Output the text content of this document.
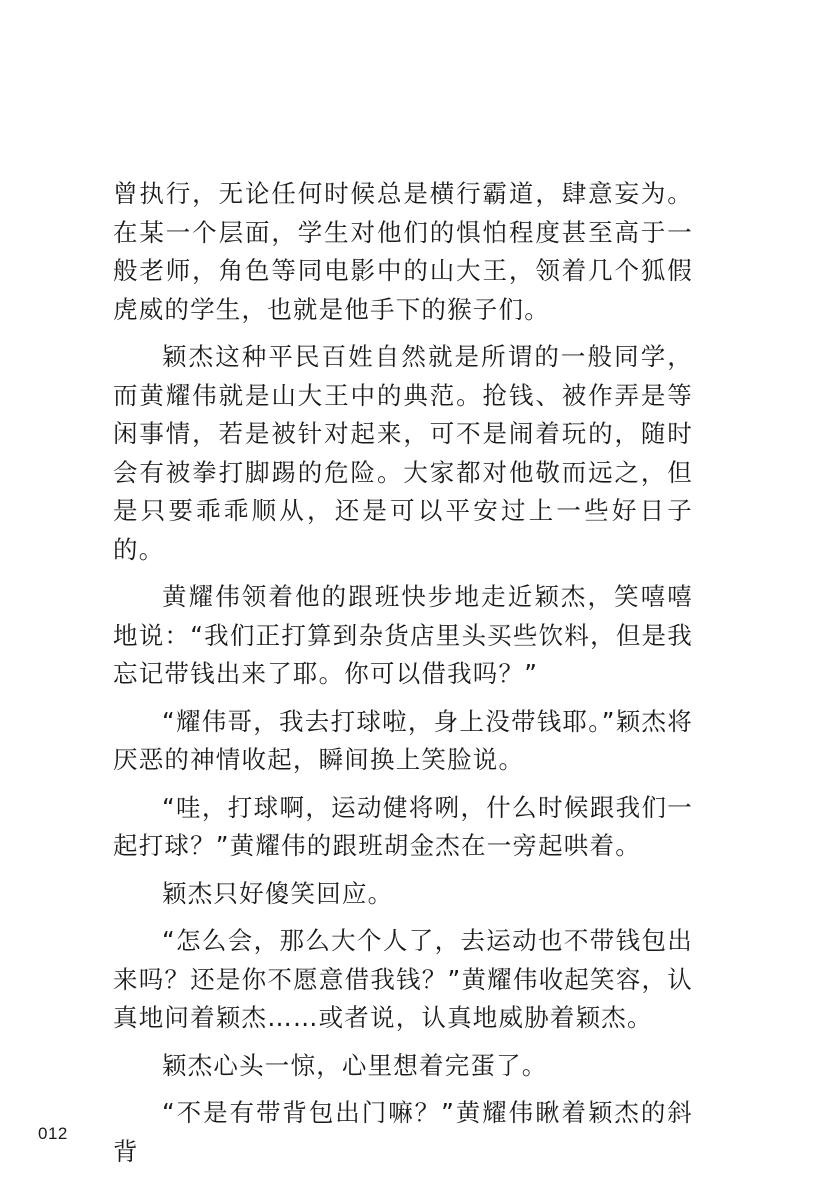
曾执行，无论任何时候总是横行霸道，肆意妄为。在某一个层面，学生对他们的惧怕程度甚至高于一般老师，角色等同电影中的山大王，领着几个狐假虎威的学生，也就是他手下的猴子们。

颖杰这种平民百姓自然就是所谓的一般同学，而黄耀伟就是山大王中的典范。抢钱、被作弄是等闲事情，若是被针对起来，可不是闹着玩的，随时会有被拳打脚踢的危险。大家都对他敬而远之，但是只要乖乖顺从，还是可以平安过上一些好日子的。

黄耀伟领着他的跟班快步地走近颖杰，笑嘻嘻地说：“我们正打算到杂货店里头买些饮料，但是我忘记带钱出来了耶。你可以借我吗？”

“耀伟哥，我去打球啦，身上没带钱耶。”颖杰将厌恶的神情收起，瞬间换上笑脸说。

“哇，打球啊，运动健将咧，什么时候跟我们一起打球？”黄耀伟的跟班胡金杰在一旁起哄着。

颖杰只好傻笑回应。

“怎么会，那么大个人了，去运动也不带钱包出来吗？还是你不愿意借我钱？”黄耀伟收起笑容，认真地问着颖杰……或者说，认真地威胁着颖杰。

颖杰心头一惊，心里想着完蛋了。

“不是有带背包出门嘛？”黄耀伟瞅着颖杰的斜背

012
